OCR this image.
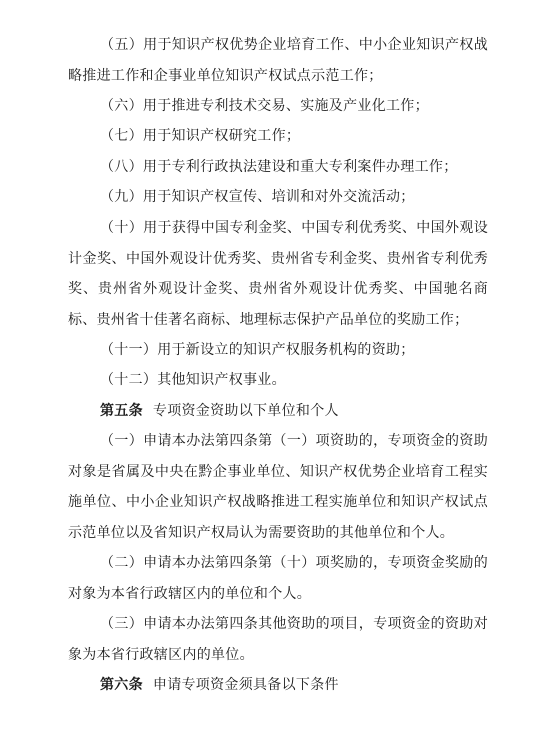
（五）用于知识产权优势企业培育工作、中小企业知识产权战略推进工作和企事业单位知识产权试点示范工作；

（六）用于推进专利技术交易、实施及产业化工作；

（七）用于知识产权研究工作；

（八）用于专利行政执法建设和重大专利案件办理工作；

（九）用于知识产权宣传、培训和对外交流活动；

（十）用于获得中国专利金奖、中国专利优秀奖、中国外观设计金奖、中国外观设计优秀奖、贵州省专利金奖、贵州省专利优秀奖、贵州省外观设计金奖、贵州省外观设计优秀奖、中国驰名商标、贵州省十佳著名商标、地理标志保护产品单位的奖励工作；

（十一）用于新设立的知识产权服务机构的资助；

（十二）其他知识产权事业。

第五条 专项资金资助以下单位和个人

（一）申请本办法第四条第（一）项资助的，专项资金的资助对象是省属及中央在黔企事业单位、知识产权优势企业培育工程实施单位、中小企业知识产权战略推进工程实施单位和知识产权试点示范单位以及省知识产权局认为需要资助的其他单位和个人。

（二）申请本办法第四条第（十）项奖励的，专项资金奖励的对象为本省行政辖区内的单位和个人。

（三）申请本办法第四条其他资助的项目，专项资金的资助对象为本省行政辖区内的单位。

第六条 申请专项资金须具备以下条件
